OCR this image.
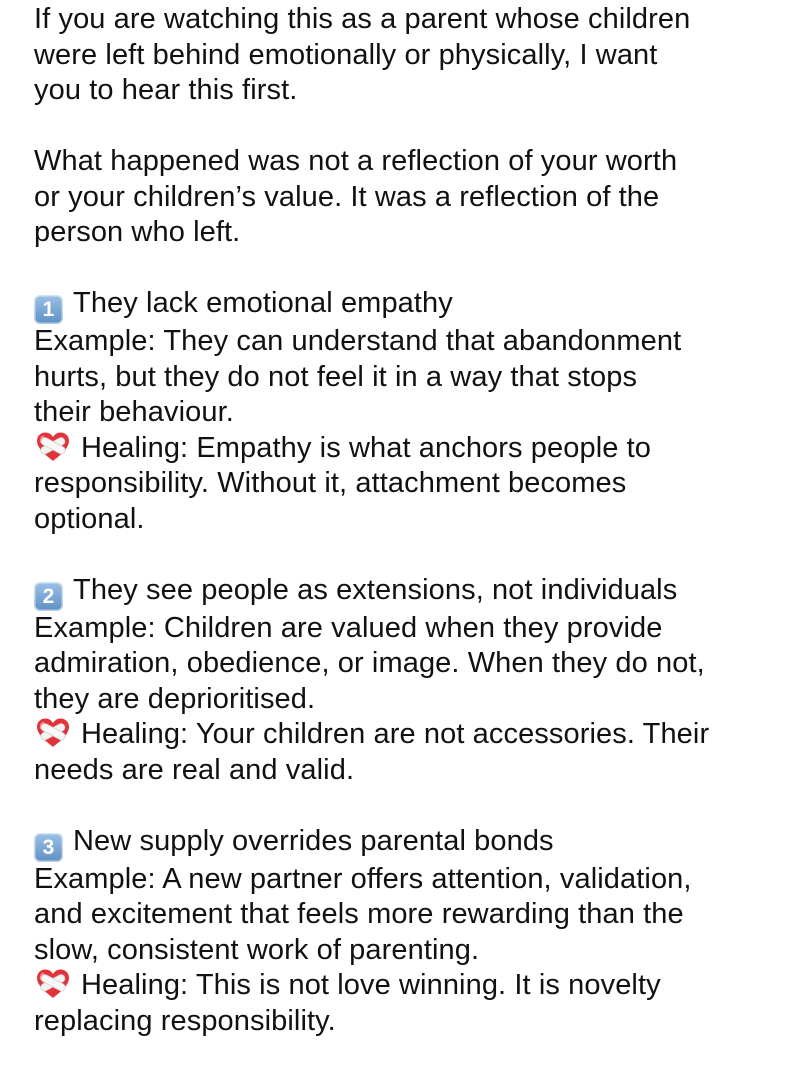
If you are watching this as a parent whose children
were left behind emotionally or physically, I want
you to hear this first.

What happened was not a reflection of your worth
or your children’s value. It was a reflection of the
person who left.

1 They lack emotional empathy
Example: They can understand that abandonment
hurts, but they do not feel it in a way that stops
their behaviour.
Healing: Empathy is what anchors people to
responsibility. Without it, attachment becomes
optional.
2 They see people as extensions, not individuals
Example: Children are valued when they provide
admiration, obedience, or image. When they do not,
they are deprioritised.
Healing: Your children are not accessories. Their
needs are real and valid.
3 New supply overrides parental bonds
Example: A new partner offers attention, validation,
and excitement that feels more rewarding than the
slow, consistent work of parenting.
Healing: This is not love winning. It is novelty
replacing responsibility.
